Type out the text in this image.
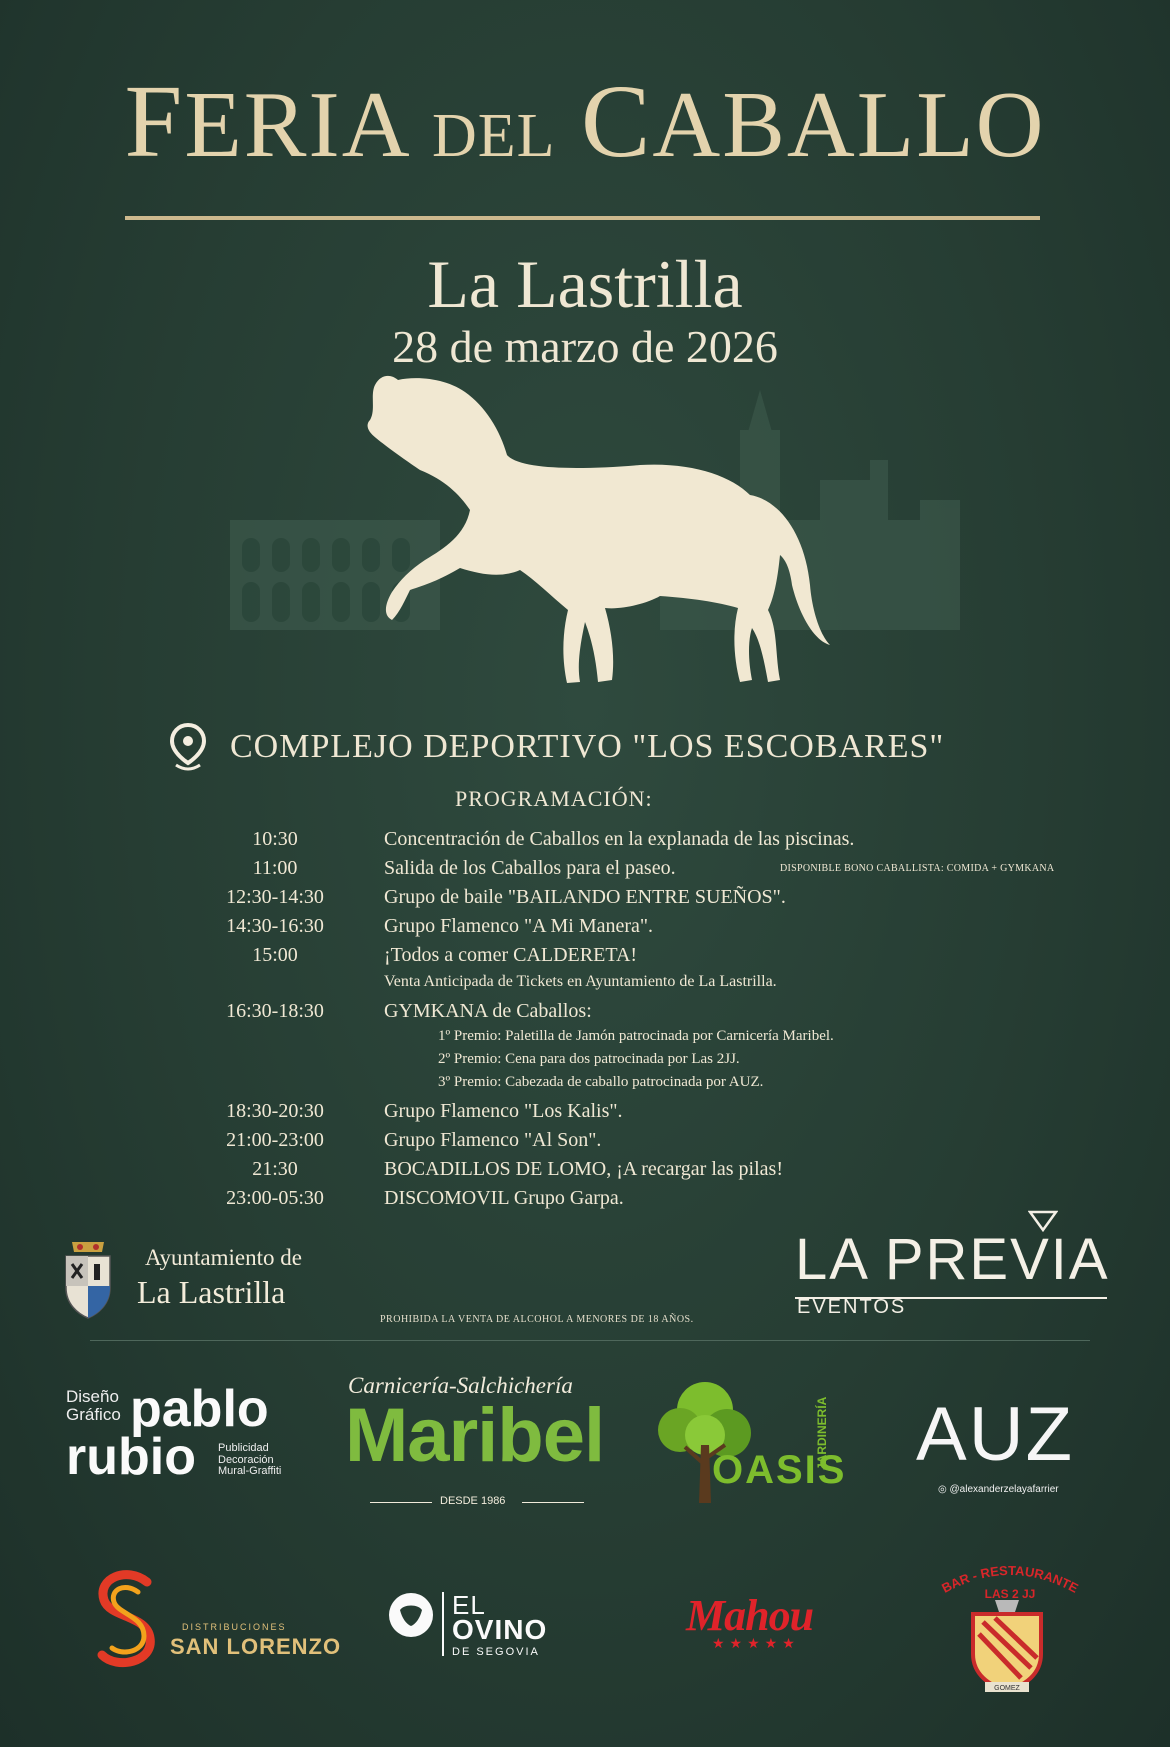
FERIA DEL CABALLO
La Lastrilla
28 de marzo de 2026
COMPLEJO DEPORTIVO "LOS ESCOBARES"
PROGRAMACIÓN:
10:30	Concentración de Caballos en la explanada de las piscinas.
11:00	Salida de los Caballos para el paseo.	DISPONIBLE BONO CABALLISTA: COMIDA + GYMKANA
12:30-14:30	Grupo de baile "BAILANDO ENTRE SUEÑOS".
14:30-16:30	Grupo Flamenco "A Mi Manera".
15:00	¡Todos a comer CALDERETA!
Venta Anticipada de Tickets en Ayuntamiento de La Lastrilla.
16:30-18:30	GYMKANA de Caballos:
1º Premio: Paletilla de Jamón patrocinada por Carnicería Maribel.
2º Premio: Cena para dos patrocinada por Las 2JJ.
3º Premio: Cabezada de caballo patrocinada por AUZ.
18:30-20:30	Grupo Flamenco "Los Kalis".
21:00-23:00	Grupo Flamenco "Al Son".
21:30	BOCADILLOS DE LOMO, ¡A recargar las pilas!
23:00-05:30	DISCOMOVIL Grupo Garpa.
Ayuntamiento de
La Lastrilla	LA PREVIA
EVENTOS
PROHIBIDA LA VENTA DE ALCOHOL A MENORES DE 18 AÑOS.
Diseño
Gráfico pablo
rubio Publicidad
Decoración
Mural-Graffiti
Carnicería-Salchichería
Maribel
DESDE 1986
JARDINERÍA
OASIS AUZ
◎ @alexanderzelayafarrier
DISTRIBUCIONES
SAN LORENZO
EL
OVINO
DE SEGOVIA
Mahou
★★★★★
BAR - RESTAURANTE
LAS 2 JJ
GOMEZ
